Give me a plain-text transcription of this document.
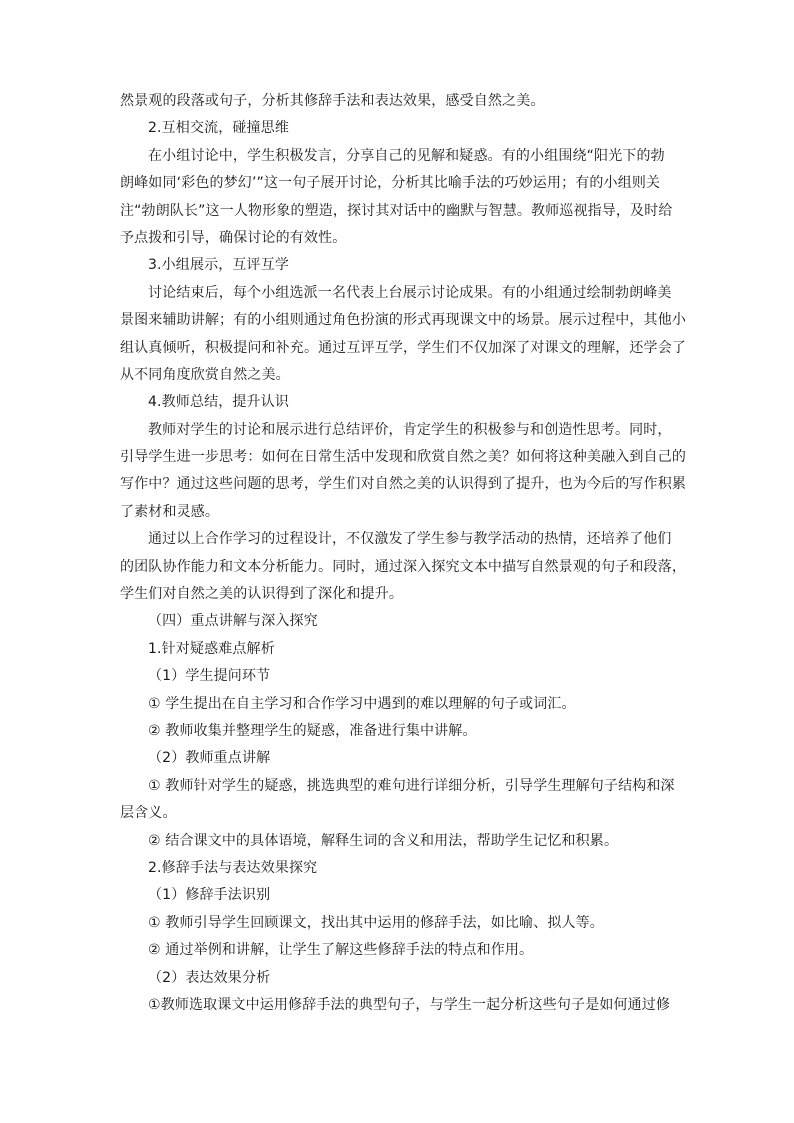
然景观的段落或句子，分析其修辞手法和表达效果，感受自然之美。
2.互相交流，碰撞思维
在小组讨论中，学生积极发言，分享自己的见解和疑惑。有的小组围绕“阳光下的勃
朗峰如同‘彩色的梦幻’”这一句子展开讨论，分析其比喻手法的巧妙运用；有的小组则关
注“勃朗队长”这一人物形象的塑造，探讨其对话中的幽默与智慧。教师巡视指导，及时给
予点拨和引导，确保讨论的有效性。
3.小组展示，互评互学
讨论结束后，每个小组选派一名代表上台展示讨论成果。有的小组通过绘制勃朗峰美
景图来辅助讲解；有的小组则通过角色扮演的形式再现课文中的场景。展示过程中，其他小
组认真倾听，积极提问和补充。通过互评互学，学生们不仅加深了对课文的理解，还学会了
从不同角度欣赏自然之美。
4.教师总结，提升认识
教师对学生的讨论和展示进行总结评价，肯定学生的积极参与和创造性思考。同时，
引导学生进一步思考：如何在日常生活中发现和欣赏自然之美？如何将这种美融入到自己的
写作中？通过这些问题的思考，学生们对自然之美的认识得到了提升，也为今后的写作积累
了素材和灵感。
通过以上合作学习的过程设计，不仅激发了学生参与教学活动的热情，还培养了他们
的团队协作能力和文本分析能力。同时，通过深入探究文本中描写自然景观的句子和段落，
学生们对自然之美的认识得到了深化和提升。
（四）重点讲解与深入探究
1.针对疑惑难点解析
（1）学生提问环节
① 学生提出在自主学习和合作学习中遇到的难以理解的句子或词汇。
② 教师收集并整理学生的疑惑，准备进行集中讲解。
（2）教师重点讲解
① 教师针对学生的疑惑，挑选典型的难句进行详细分析，引导学生理解句子结构和深
层含义。
② 结合课文中的具体语境，解释生词的含义和用法，帮助学生记忆和积累。
2.修辞手法与表达效果探究
（1）修辞手法识别
① 教师引导学生回顾课文，找出其中运用的修辞手法，如比喻、拟人等。
② 通过举例和讲解，让学生了解这些修辞手法的特点和作用。
（2）表达效果分析
①教师选取课文中运用修辞手法的典型句子，与学生一起分析这些句子是如何通过修
